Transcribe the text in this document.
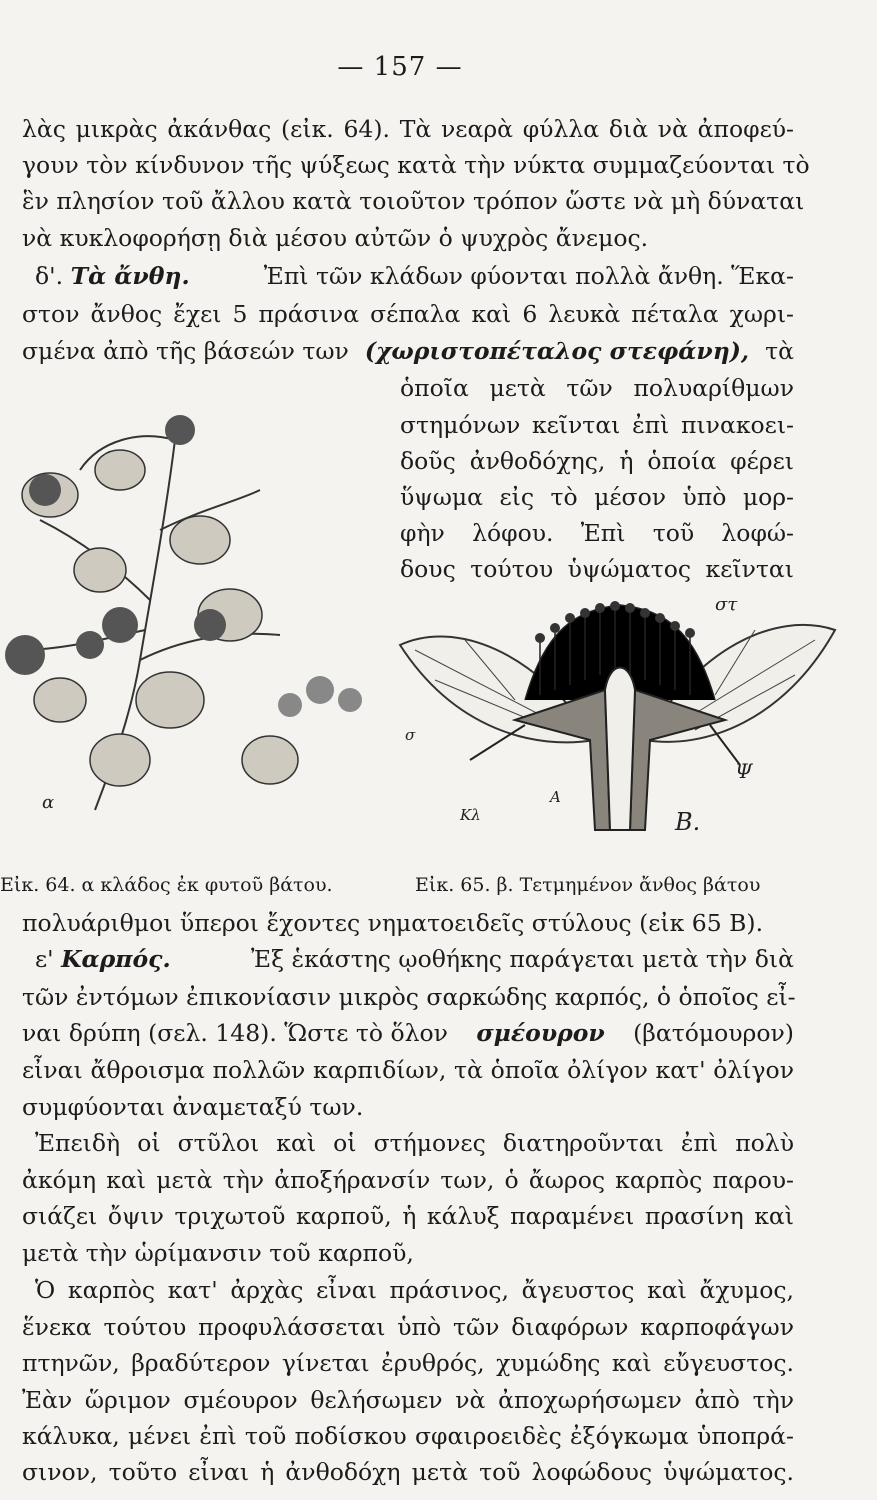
— 157 —
λὰς μικρὰς ἀκάνθας (εἰκ. 64). Τὰ νεαρὰ φύλλα διὰ νὰ ἀποφεύ-
γουν τὸν κίνδυνον τῆς ψύξεως κατὰ τὴν νύκτα συμμαζεύονται τὸ
ἓν πλησίον τοῦ ἄλλου κατὰ τοιοῦτον τρόπον ὥστε νὰ μὴ δύναται
νὰ κυκλοφορήσῃ διὰ μέσου αὐτῶν ὁ ψυχρὸς ἄνεμος.
δ'. Τὰ ἄνθη.	Ἐπὶ τῶν κλάδων φύονται πολλὰ ἄνθη. Ἕκα-
στον ἄνθος ἔχει 5 πράσινα σέπαλα καὶ 6 λευκὰ πέταλα χωρι-
σμένα ἀπὸ τῆς βάσεών των (χωριστοπέταλος στεφάνη), τὰ
ὁποῖα μετὰ τῶν πολυαρίθμων
στημόνων κεῖνται ἐπὶ πινακοει-
δοῦς ἀνθοδόχης, ἡ ὁποία φέρει
ὕψωμα εἰς τὸ μέσον ὑπὸ μορ-
φὴν λόφου. Ἐπὶ τοῦ λοφώ-
δους τούτου ὑψώματος κεῖνται
α
στ
σ
Κλ
Α
Ψ
Β.
Εἰκ. 64. α κλάδος ἐκ φυτοῦ βάτου.	Εἰκ. 65. β. Τετμημένον ἄνθος βάτου
πολυάριθμοι ὕπεροι ἔχοντες νηματοειδεῖς στύλους (εἰκ 65 Β).
ε' Καρπός.	Ἐξ ἑκάστης ῳοθήκης παράγεται μετὰ τὴν διὰ
τῶν ἐντόμων ἐπικονίασιν μικρὸς σαρκώδης καρπός, ὁ ὁποῖος εἶ-
ναι δρύπη (σελ. 148). Ὥστε τὸ ὅλον σμέουρον (βατόμουρον)
εἶναι ἄθροισμα πολλῶν καρπιδίων, τὰ ὁποῖα ὀλίγον κατ' ὀλίγον
συμφύονται ἀναμεταξύ των.
Ἐπειδὴ οἱ στῦλοι καὶ οἱ στήμονες διατηροῦνται ἐπὶ πολὺ
ἀκόμη καὶ μετὰ τὴν ἀποξήρανσίν των, ὁ ἄωρος καρπὸς παρου-
σιάζει ὄψιν τριχωτοῦ καρποῦ, ἡ κάλυξ παραμένει πρασίνη καὶ
μετὰ τὴν ὡρίμανσιν τοῦ καρποῦ,
Ὁ καρπὸς κατ' ἀρχὰς εἶναι πράσινος, ἄγευστος καὶ ἄχυμος,
ἕνεκα τούτου προφυλάσσεται ὑπὸ τῶν διαφόρων καρποφάγων
πτηνῶν, βραδύτερον γίνεται ἐρυθρός, χυμώδης καὶ εὔγευστος.
Ἐὰν ὥριμον σμέουρον θελήσωμεν νὰ ἀποχωρήσωμεν ἀπὸ τὴν
κάλυκα, μένει ἐπὶ τοῦ ποδίσκου σφαιροειδὲς ἐξόγκωμα ὑποπρά-
σινον, τοῦτο εἶναι ἡ ἀνθοδόχη μετὰ τοῦ λοφώδους ὑψώματος.
